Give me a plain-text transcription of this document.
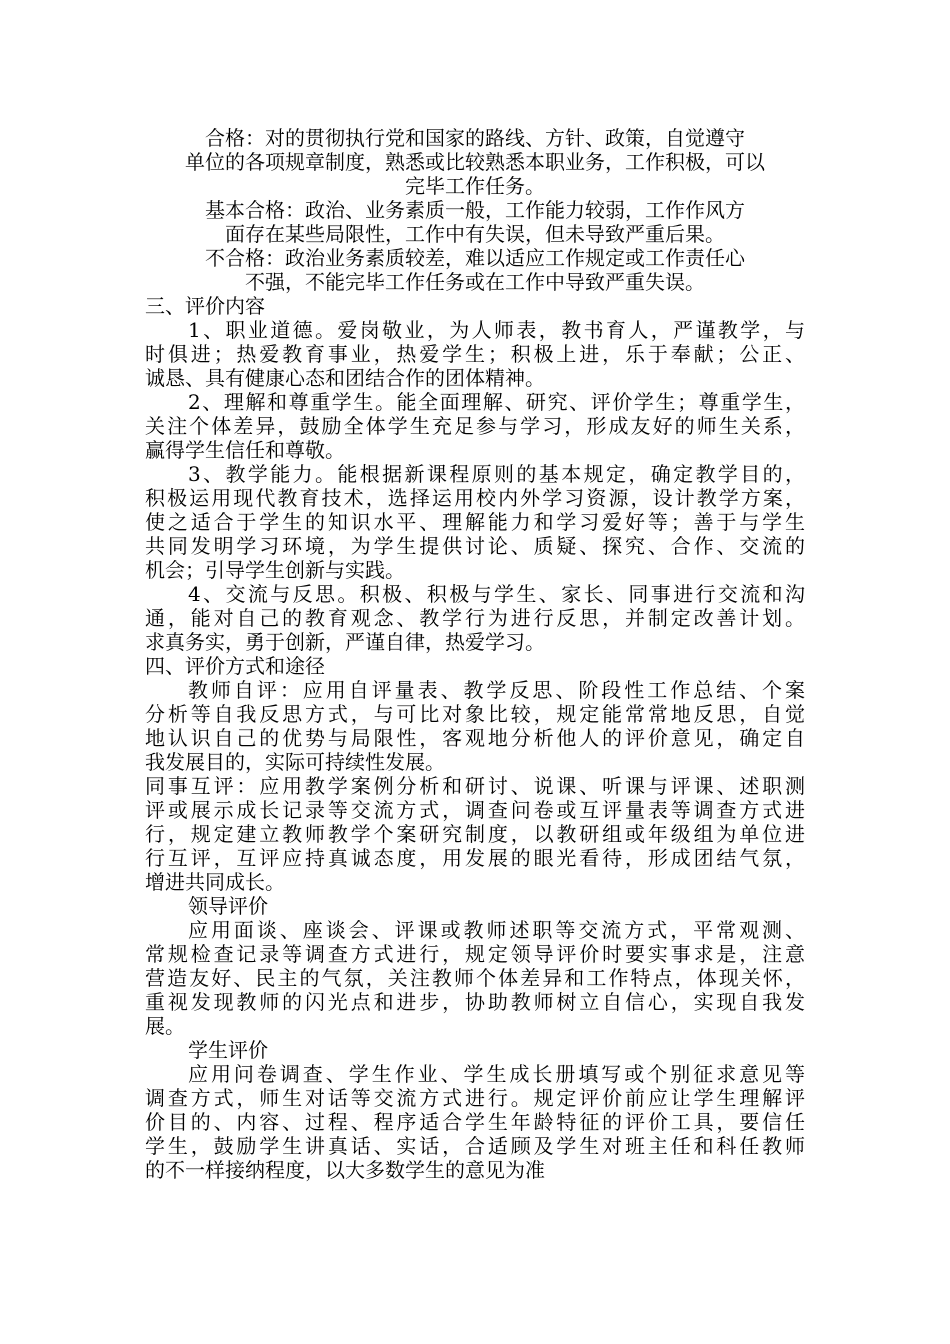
合格：对的贯彻执行党和国家的路线、方针、政策，自觉遵守
单位的各项规章制度，熟悉或比较熟悉本职业务，工作积极，可以
完毕工作任务。
基本合格：政治、业务素质一般，工作能力较弱，工作作风方
面存在某些局限性，工作中有失误，但未导致严重后果。
不合格：政治业务素质较差，难以适应工作规定或工作责任心
不强，不能完毕工作任务或在工作中导致严重失误。
三、评价内容
1、职业道德。爱岗敬业，为人师表，教书育人，严谨教学，与
时俱进；热爱教育事业，热爱学生；积极上进，乐于奉献；公正、
诚恳、具有健康心态和团结合作的团体精神。
2、理解和尊重学生。能全面理解、研究、评价学生；尊重学生，
关注个体差异，鼓励全体学生充足参与学习，形成友好的师生关系，
赢得学生信任和尊敬。
3、教学能力。能根据新课程原则的基本规定，确定教学目的，
积极运用现代教育技术，选择运用校内外学习资源，设计教学方案，
使之适合于学生的知识水平、理解能力和学习爱好等；善于与学生
共同发明学习环境，为学生提供讨论、质疑、探究、合作、交流的
机会；引导学生创新与实践。
4、交流与反思。积极、积极与学生、家长、同事进行交流和沟
通，能对自己的教育观念、教学行为进行反思，并制定改善计划。
求真务实，勇于创新，严谨自律，热爱学习。
四、评价方式和途径
教师自评：应用自评量表、教学反思、阶段性工作总结、个案
分析等自我反思方式，与可比对象比较，规定能常常地反思，自觉
地认识自己的优势与局限性，客观地分析他人的评价意见，确定自
我发展目的，实际可持续性发展。
同事互评：应用教学案例分析和研讨、说课、听课与评课、述职测
评或展示成长记录等交流方式，调查问卷或互评量表等调查方式进
行，规定建立教师教学个案研究制度，以教研组或年级组为单位进
行互评，互评应持真诚态度，用发展的眼光看待，形成团结气氛，
增进共同成长。
领导评价
应用面谈、座谈会、评课或教师述职等交流方式，平常观测、
常规检查记录等调查方式进行，规定领导评价时要实事求是，注意
营造友好、民主的气氛，关注教师个体差异和工作特点，体现关怀，
重视发现教师的闪光点和进步，协助教师树立自信心，实现自我发
展。
学生评价
应用问卷调查、学生作业、学生成长册填写或个别征求意见等
调查方式，师生对话等交流方式进行。规定评价前应让学生理解评
价目的、内容、过程、程序适合学生年龄特征的评价工具，要信任
学生，鼓励学生讲真话、实话，合适顾及学生对班主任和科任教师
的不一样接纳程度，以大多数学生的意见为准
